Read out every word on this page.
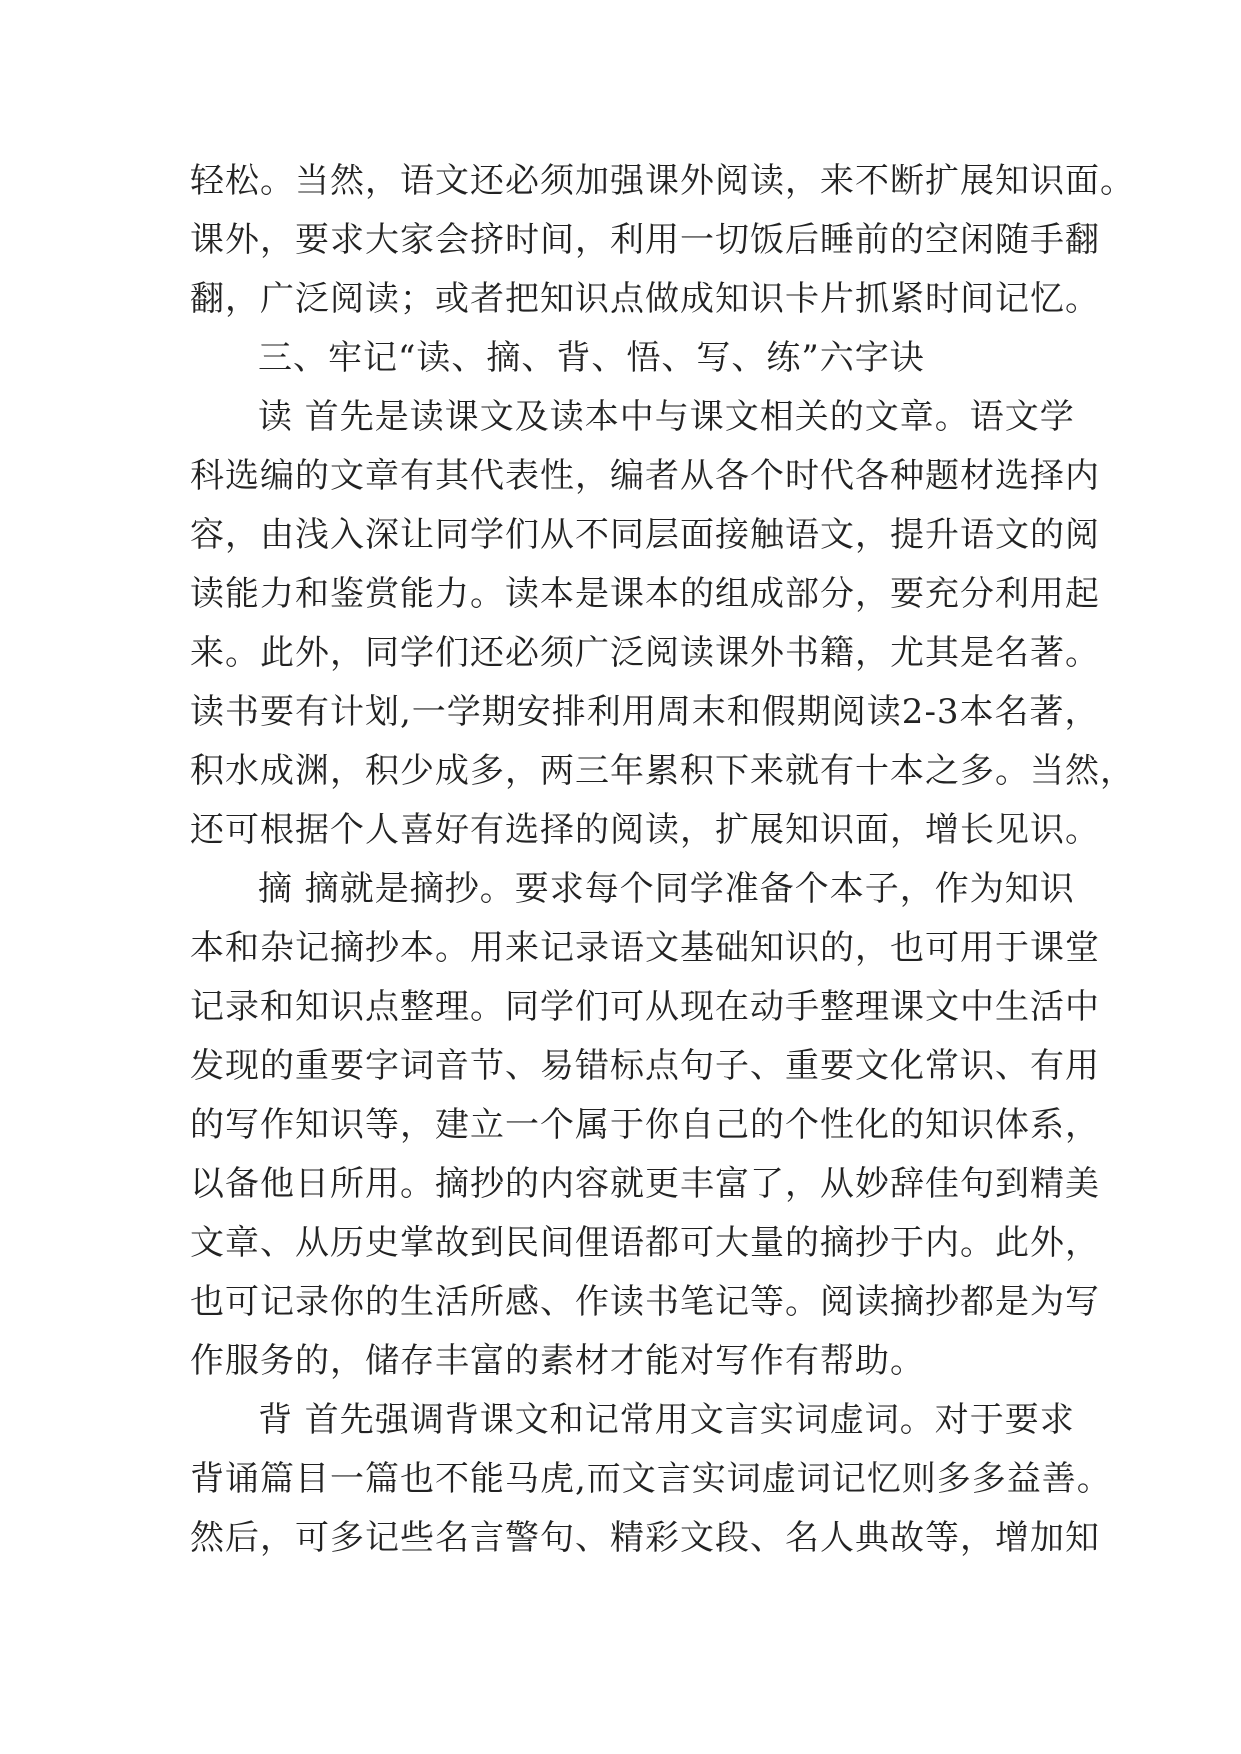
轻松。当然，语文还必须加强课外阅读，来不断扩展知识面。
课外，要求大家会挤时间，利用一切饭后睡前的空闲随手翻
翻，广泛阅读；或者把知识点做成知识卡片抓紧时间记忆。
三、牢记“读、摘、背、悟、写、练”六字诀
读 首先是读课文及读本中与课文相关的文章。语文学
科选编的文章有其代表性，编者从各个时代各种题材选择内
容，由浅入深让同学们从不同层面接触语文，提升语文的阅
读能力和鉴赏能力。读本是课本的组成部分，要充分利用起
来。此外，同学们还必须广泛阅读课外书籍，尤其是名著。
读书要有计划,一学期安排利用周末和假期阅读2-3本名著，
积水成渊，积少成多，两三年累积下来就有十本之多。当然，
还可根据个人喜好有选择的阅读，扩展知识面，增长见识。
摘 摘就是摘抄。要求每个同学准备个本子，作为知识
本和杂记摘抄本。用来记录语文基础知识的，也可用于课堂
记录和知识点整理。同学们可从现在动手整理课文中生活中
发现的重要字词音节、易错标点句子、重要文化常识、有用
的写作知识等，建立一个属于你自己的个性化的知识体系，
以备他日所用。摘抄的内容就更丰富了，从妙辞佳句到精美
文章、从历史掌故到民间俚语都可大量的摘抄于内。此外，
也可记录你的生活所感、作读书笔记等。阅读摘抄都是为写
作服务的，储存丰富的素材才能对写作有帮助。
背 首先强调背课文和记常用文言实词虚词。对于要求
背诵篇目一篇也不能马虎,而文言实词虚词记忆则多多益善。
然后，可多记些名言警句、精彩文段、名人典故等，增加知
